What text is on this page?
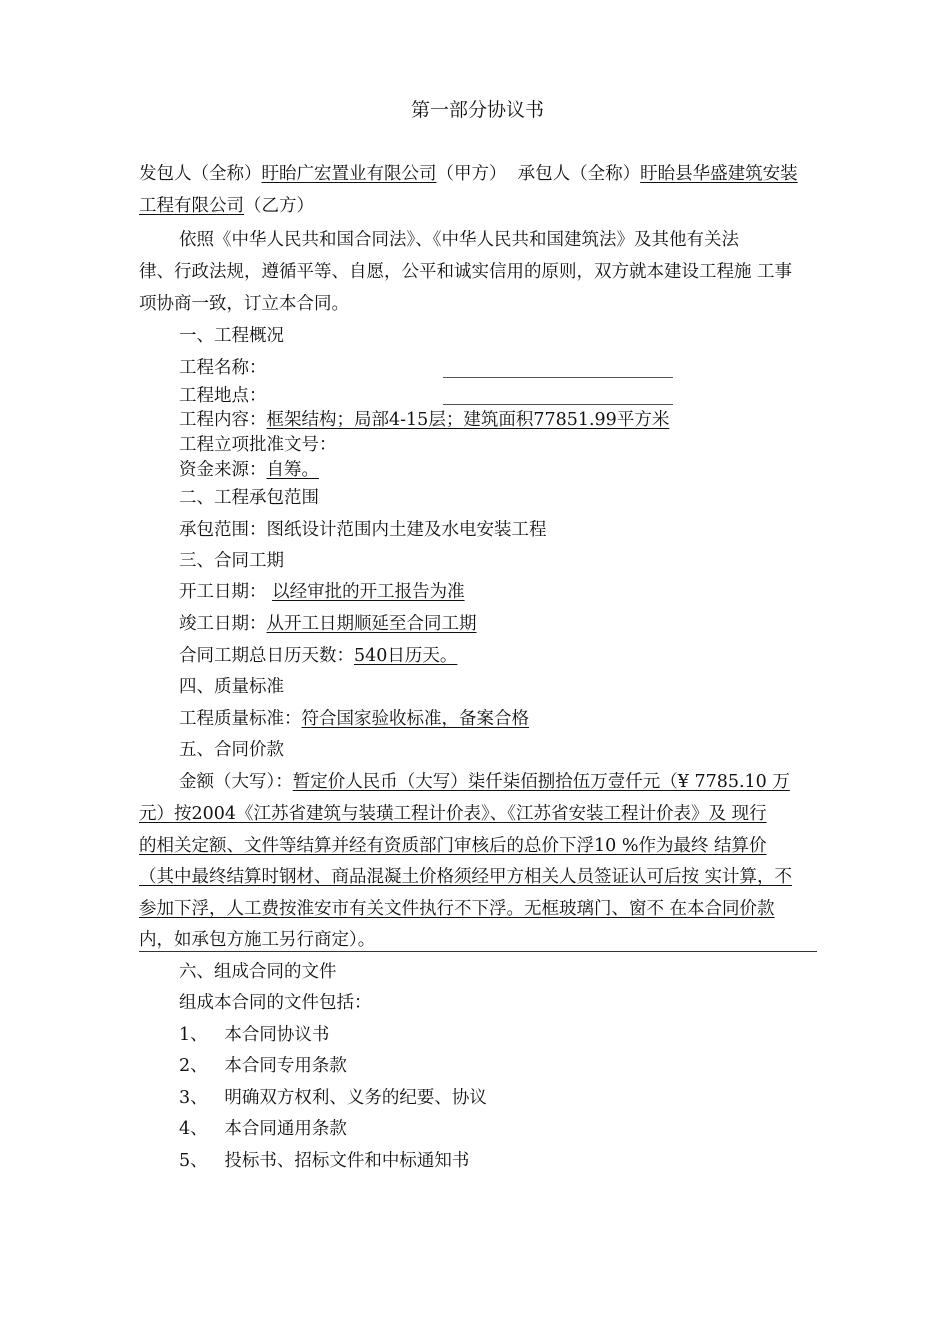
第一部分协议书
发包人（全称）盱眙广宏置业有限公司（甲方） 承包人（全称）盱眙县华盛建筑安装
工程有限公司（乙方）
依照《中华人民共和国合同法》、《中华人民共和国建筑法》及其他有关法
律、行政法规，遵循平等、自愿，公平和诚实信用的原则，双方就本建设工程施 工事
项协商一致，订立本合同。
一、工程概况
工程名称：
工程地点：
工程内容：框架结构；局部4-15层；建筑面积77851.99平方米
工程立项批准文号：
资金来源：自筹。
二、工程承包范围
承包范围：图纸设计范围内土建及水电安装工程
三、合同工期
开工日期： 以经审批的开工报告为准
竣工日期：从开工日期顺延至合同工期
合同工期总日历天数：540日历天。
四、质量标准
工程质量标准：符合国家验收标准，备案合格
五、合同价款
金额（大写）：暂定价人民币（大写）柒仟柒佰捌拾伍万壹仟元（¥ 7785.10 万
元）按2004《江苏省建筑与装璜工程计价表》、《江苏省安装工程计价表》及 现行
的相关定额、文件等结算并经有资质部门审核后的总价下浮10 %作为最终 结算价
（其中最终结算时钢材、商品混凝土价格须经甲方相关人员签证认可后按 实计算，不
参加下浮，人工费按淮安市有关文件执行不下浮。无框玻璃门、窗不 在本合同价款
内，如承包方施工另行商定）。
六、组成合同的文件
组成本合同的文件包括：
1、 本合同协议书
2、 本合同专用条款
3、 明确双方权利、义务的纪要、协议
4、 本合同通用条款
5、 投标书、招标文件和中标通知书
